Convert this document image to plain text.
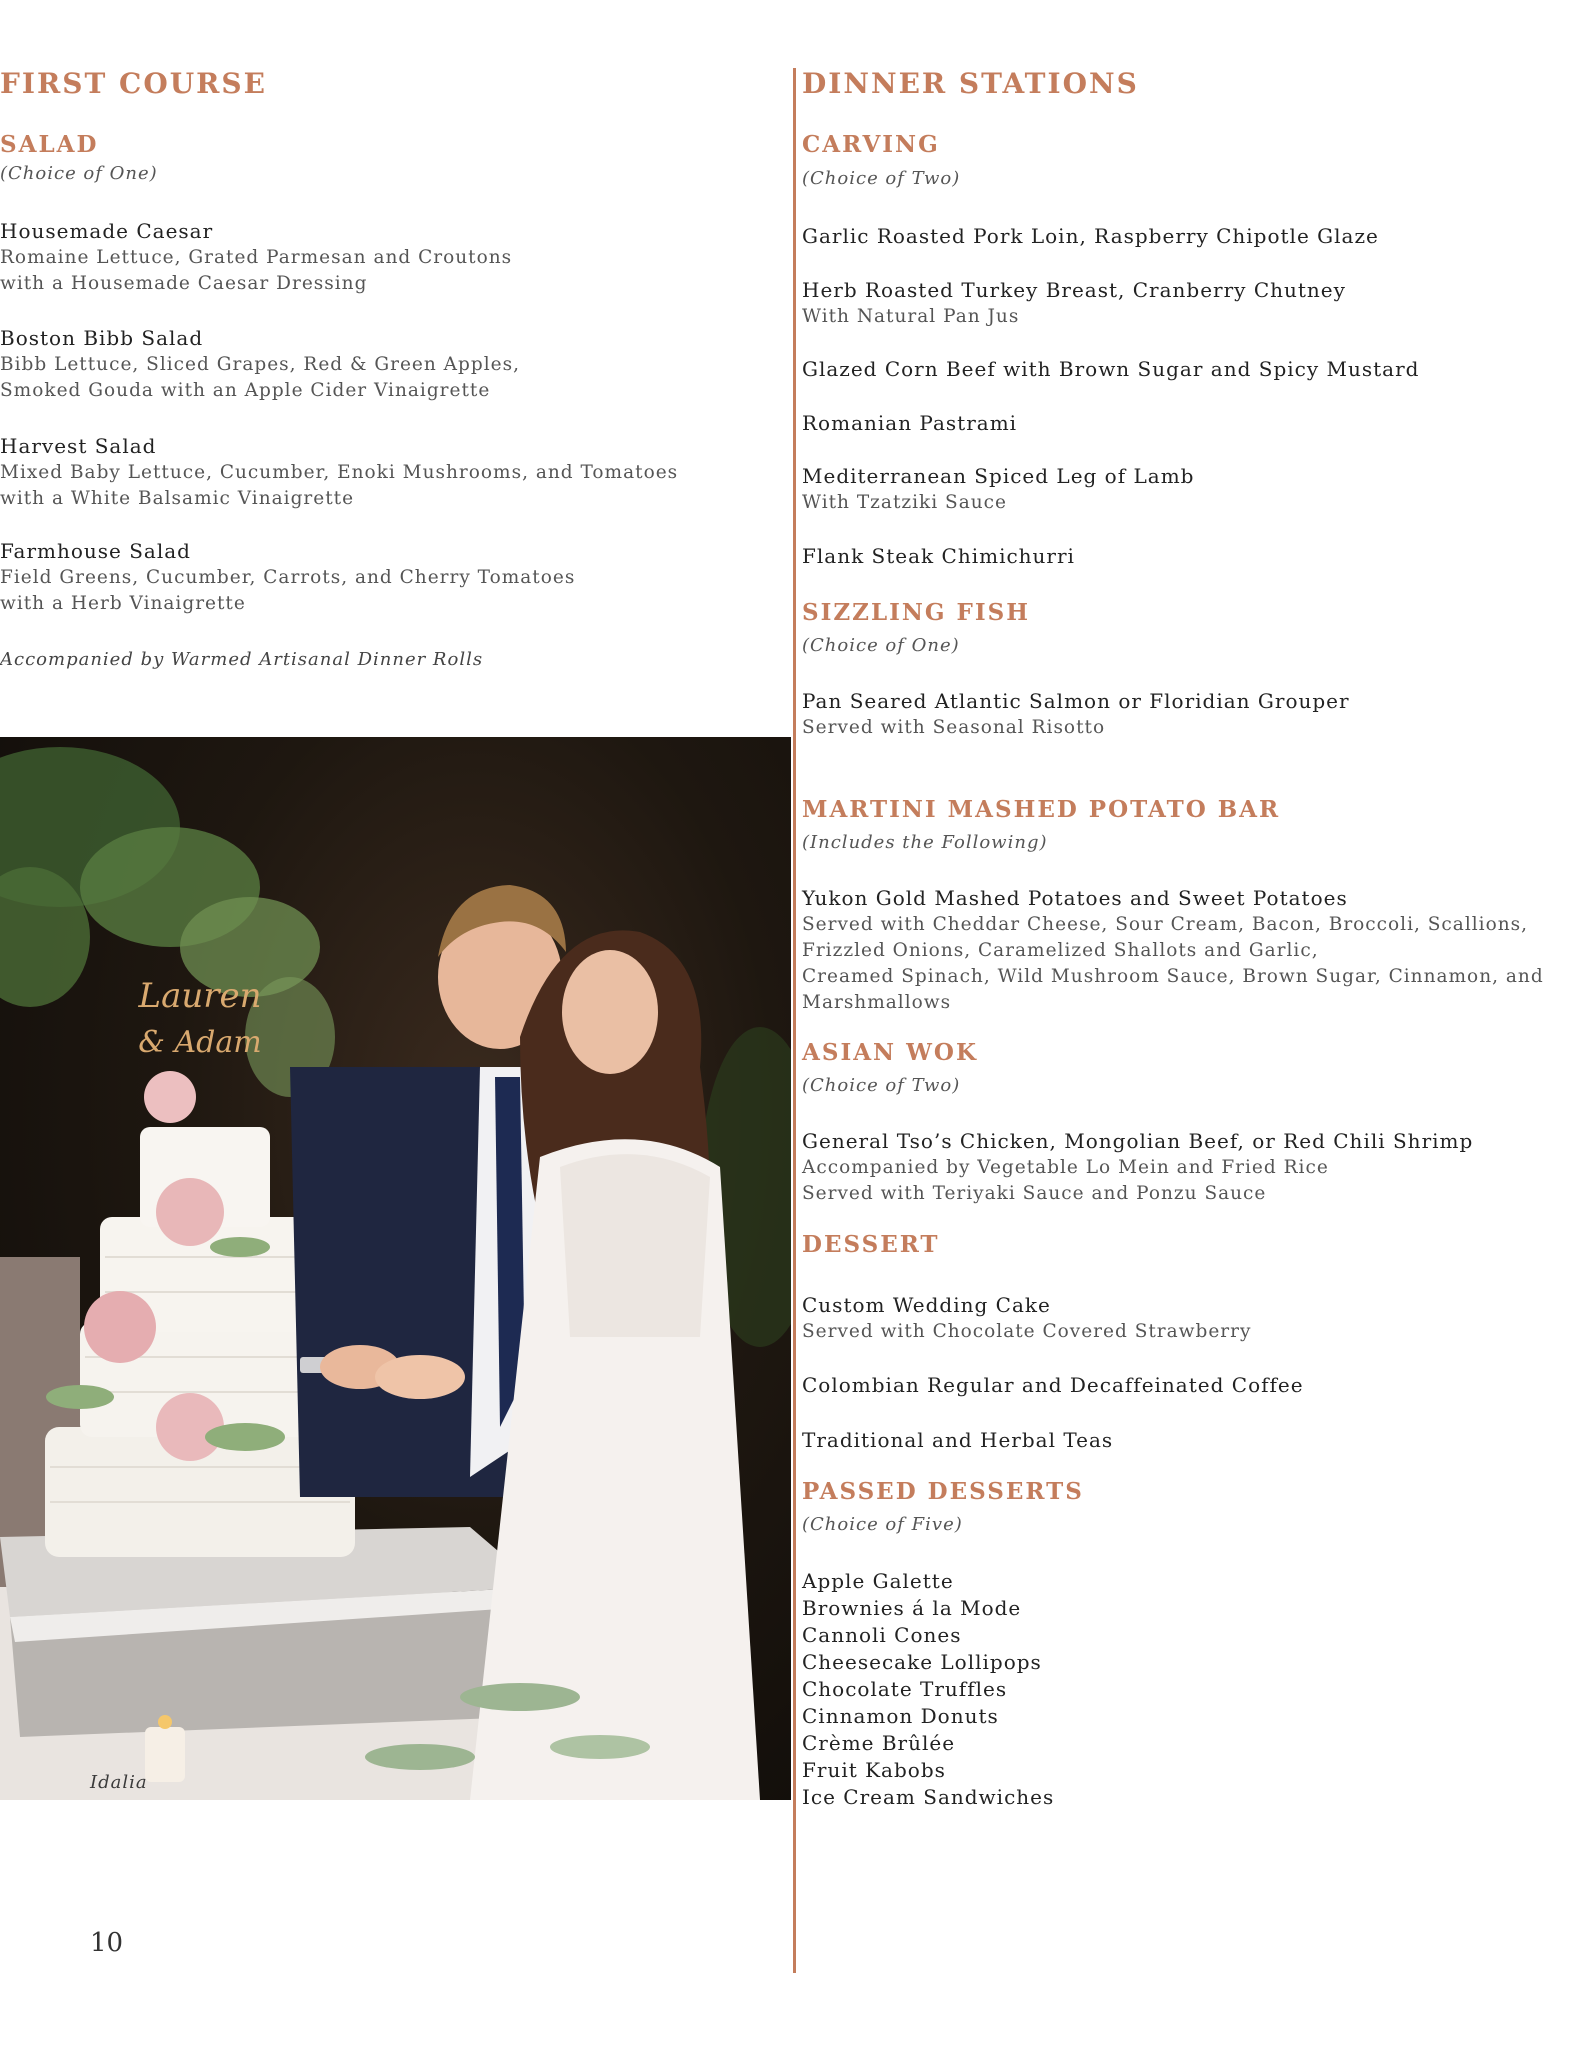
FIRST COURSE
SALAD
(Choice of One)
Housemade Caesar
Romaine Lettuce, Grated Parmesan and Croutons
with a Housemade Caesar Dressing
Boston Bibb Salad
Bibb Lettuce, Sliced Grapes, Red & Green Apples,
Smoked Gouda with an Apple Cider Vinaigrette
Harvest Salad
Mixed Baby Lettuce, Cucumber, Enoki Mushrooms, and Tomatoes
with a White Balsamic Vinaigrette
Farmhouse Salad
Field Greens, Cucumber, Carrots, and Cherry Tomatoes
with a Herb Vinaigrette
Accompanied by Warmed Artisanal Dinner Rolls
Lauren
& Adam
Idalia
10
DINNER STATIONS
CARVING
(Choice of Two)
Garlic Roasted Pork Loin, Raspberry Chipotle Glaze
Herb Roasted Turkey Breast, Cranberry Chutney
With Natural Pan Jus
Glazed Corn Beef with Brown Sugar and Spicy Mustard
Romanian Pastrami
Mediterranean Spiced Leg of Lamb
With Tzatziki Sauce
Flank Steak Chimichurri
SIZZLING FISH
(Choice of One)
Pan Seared Atlantic Salmon or Floridian Grouper
Served with Seasonal Risotto
MARTINI MASHED POTATO BAR
(Includes the Following)
Yukon Gold Mashed Potatoes and Sweet Potatoes
Served with Cheddar Cheese, Sour Cream, Bacon, Broccoli, Scallions,
Frizzled Onions, Caramelized Shallots and Garlic,
Creamed Spinach, Wild Mushroom Sauce, Brown Sugar, Cinnamon, and
Marshmallows
ASIAN WOK
(Choice of Two)
General Tso’s Chicken, Mongolian Beef, or Red Chili Shrimp
Accompanied by Vegetable Lo Mein and Fried Rice
Served with Teriyaki Sauce and Ponzu Sauce
DESSERT
Custom Wedding Cake
Served with Chocolate Covered Strawberry
Colombian Regular and Decaffeinated Coffee
Traditional and Herbal Teas
PASSED DESSERTS
(Choice of Five)
Apple Galette
Brownies á la Mode
Cannoli Cones
Cheesecake Lollipops
Chocolate Truffles
Cinnamon Donuts
Crème Brûlée
Fruit Kabobs
Ice Cream Sandwiches
